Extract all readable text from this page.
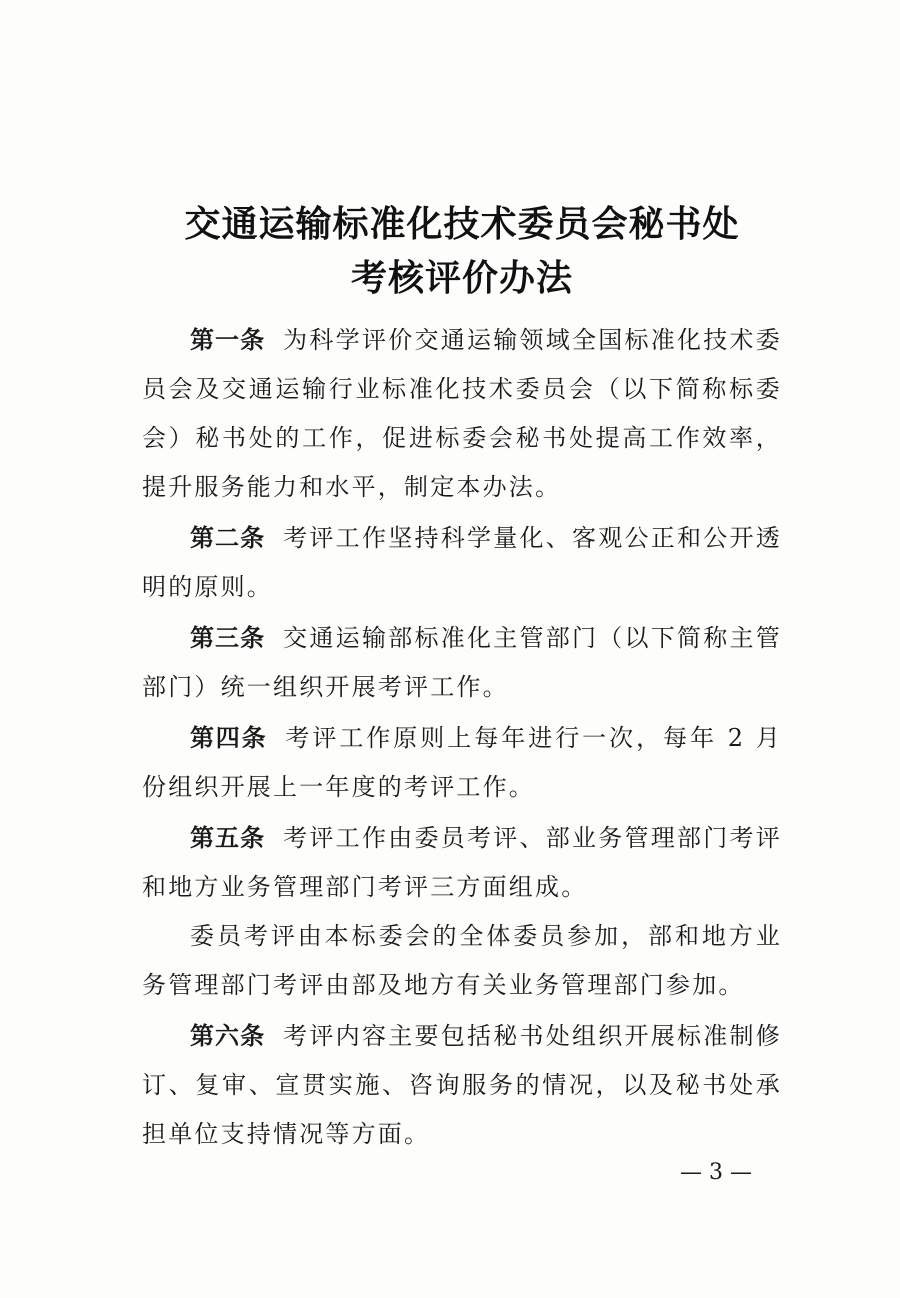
交通运输标准化技术委员会秘书处
考核评价办法

第一条 为科学评价交通运输领域全国标准化技术委员会及交通运输行业标准化技术委员会（以下简称标委会）秘书处的工作，促进标委会秘书处提高工作效率，提升服务能力和水平，制定本办法。

第二条 考评工作坚持科学量化、客观公正和公开透明的原则。

第三条 交通运输部标准化主管部门（以下简称主管部门）统一组织开展考评工作。

第四条 考评工作原则上每年进行一次，每年 2 月份组织开展上一年度的考评工作。

第五条 考评工作由委员考评、部业务管理部门考评和地方业务管理部门考评三方面组成。

委员考评由本标委会的全体委员参加，部和地方业务管理部门考评由部及地方有关业务管理部门参加。

第六条 考评内容主要包括秘书处组织开展标准制修订、复审、宣贯实施、咨询服务的情况，以及秘书处承担单位支持情况等方面。

— 3 —
